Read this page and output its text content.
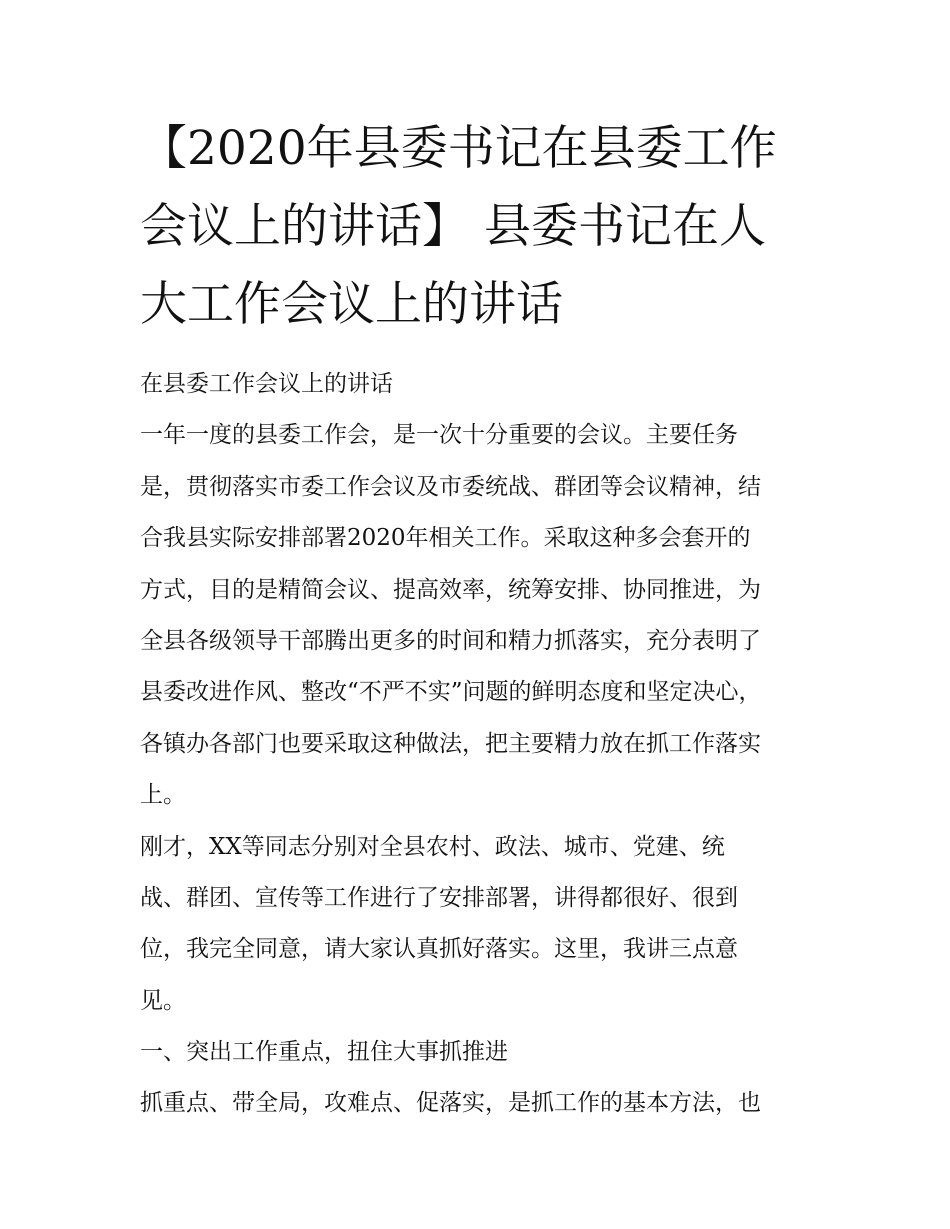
【2020年县委书记在县委工作
会议上的讲话】 县委书记在人
大工作会议上的讲话
在县委工作会议上的讲话
一年一度的县委工作会，是一次十分重要的会议。主要任务
是，贯彻落实市委工作会议及市委统战、群团等会议精神，结
合我县实际安排部署2020年相关工作。采取这种多会套开的
方式，目的是精简会议、提高效率，统筹安排、协同推进，为
全县各级领导干部腾出更多的时间和精力抓落实，充分表明了
县委改进作风、整改“不严不实”问题的鲜明态度和坚定决心，
各镇办各部门也要采取这种做法，把主要精力放在抓工作落实
上。
刚才，XX等同志分别对全县农村、政法、城市、党建、统
战、群团、宣传等工作进行了安排部署，讲得都很好、很到
位，我完全同意，请大家认真抓好落实。这里，我讲三点意
见。
一、突出工作重点，扭住大事抓推进
抓重点、带全局，攻难点、促落实，是抓工作的基本方法，也
